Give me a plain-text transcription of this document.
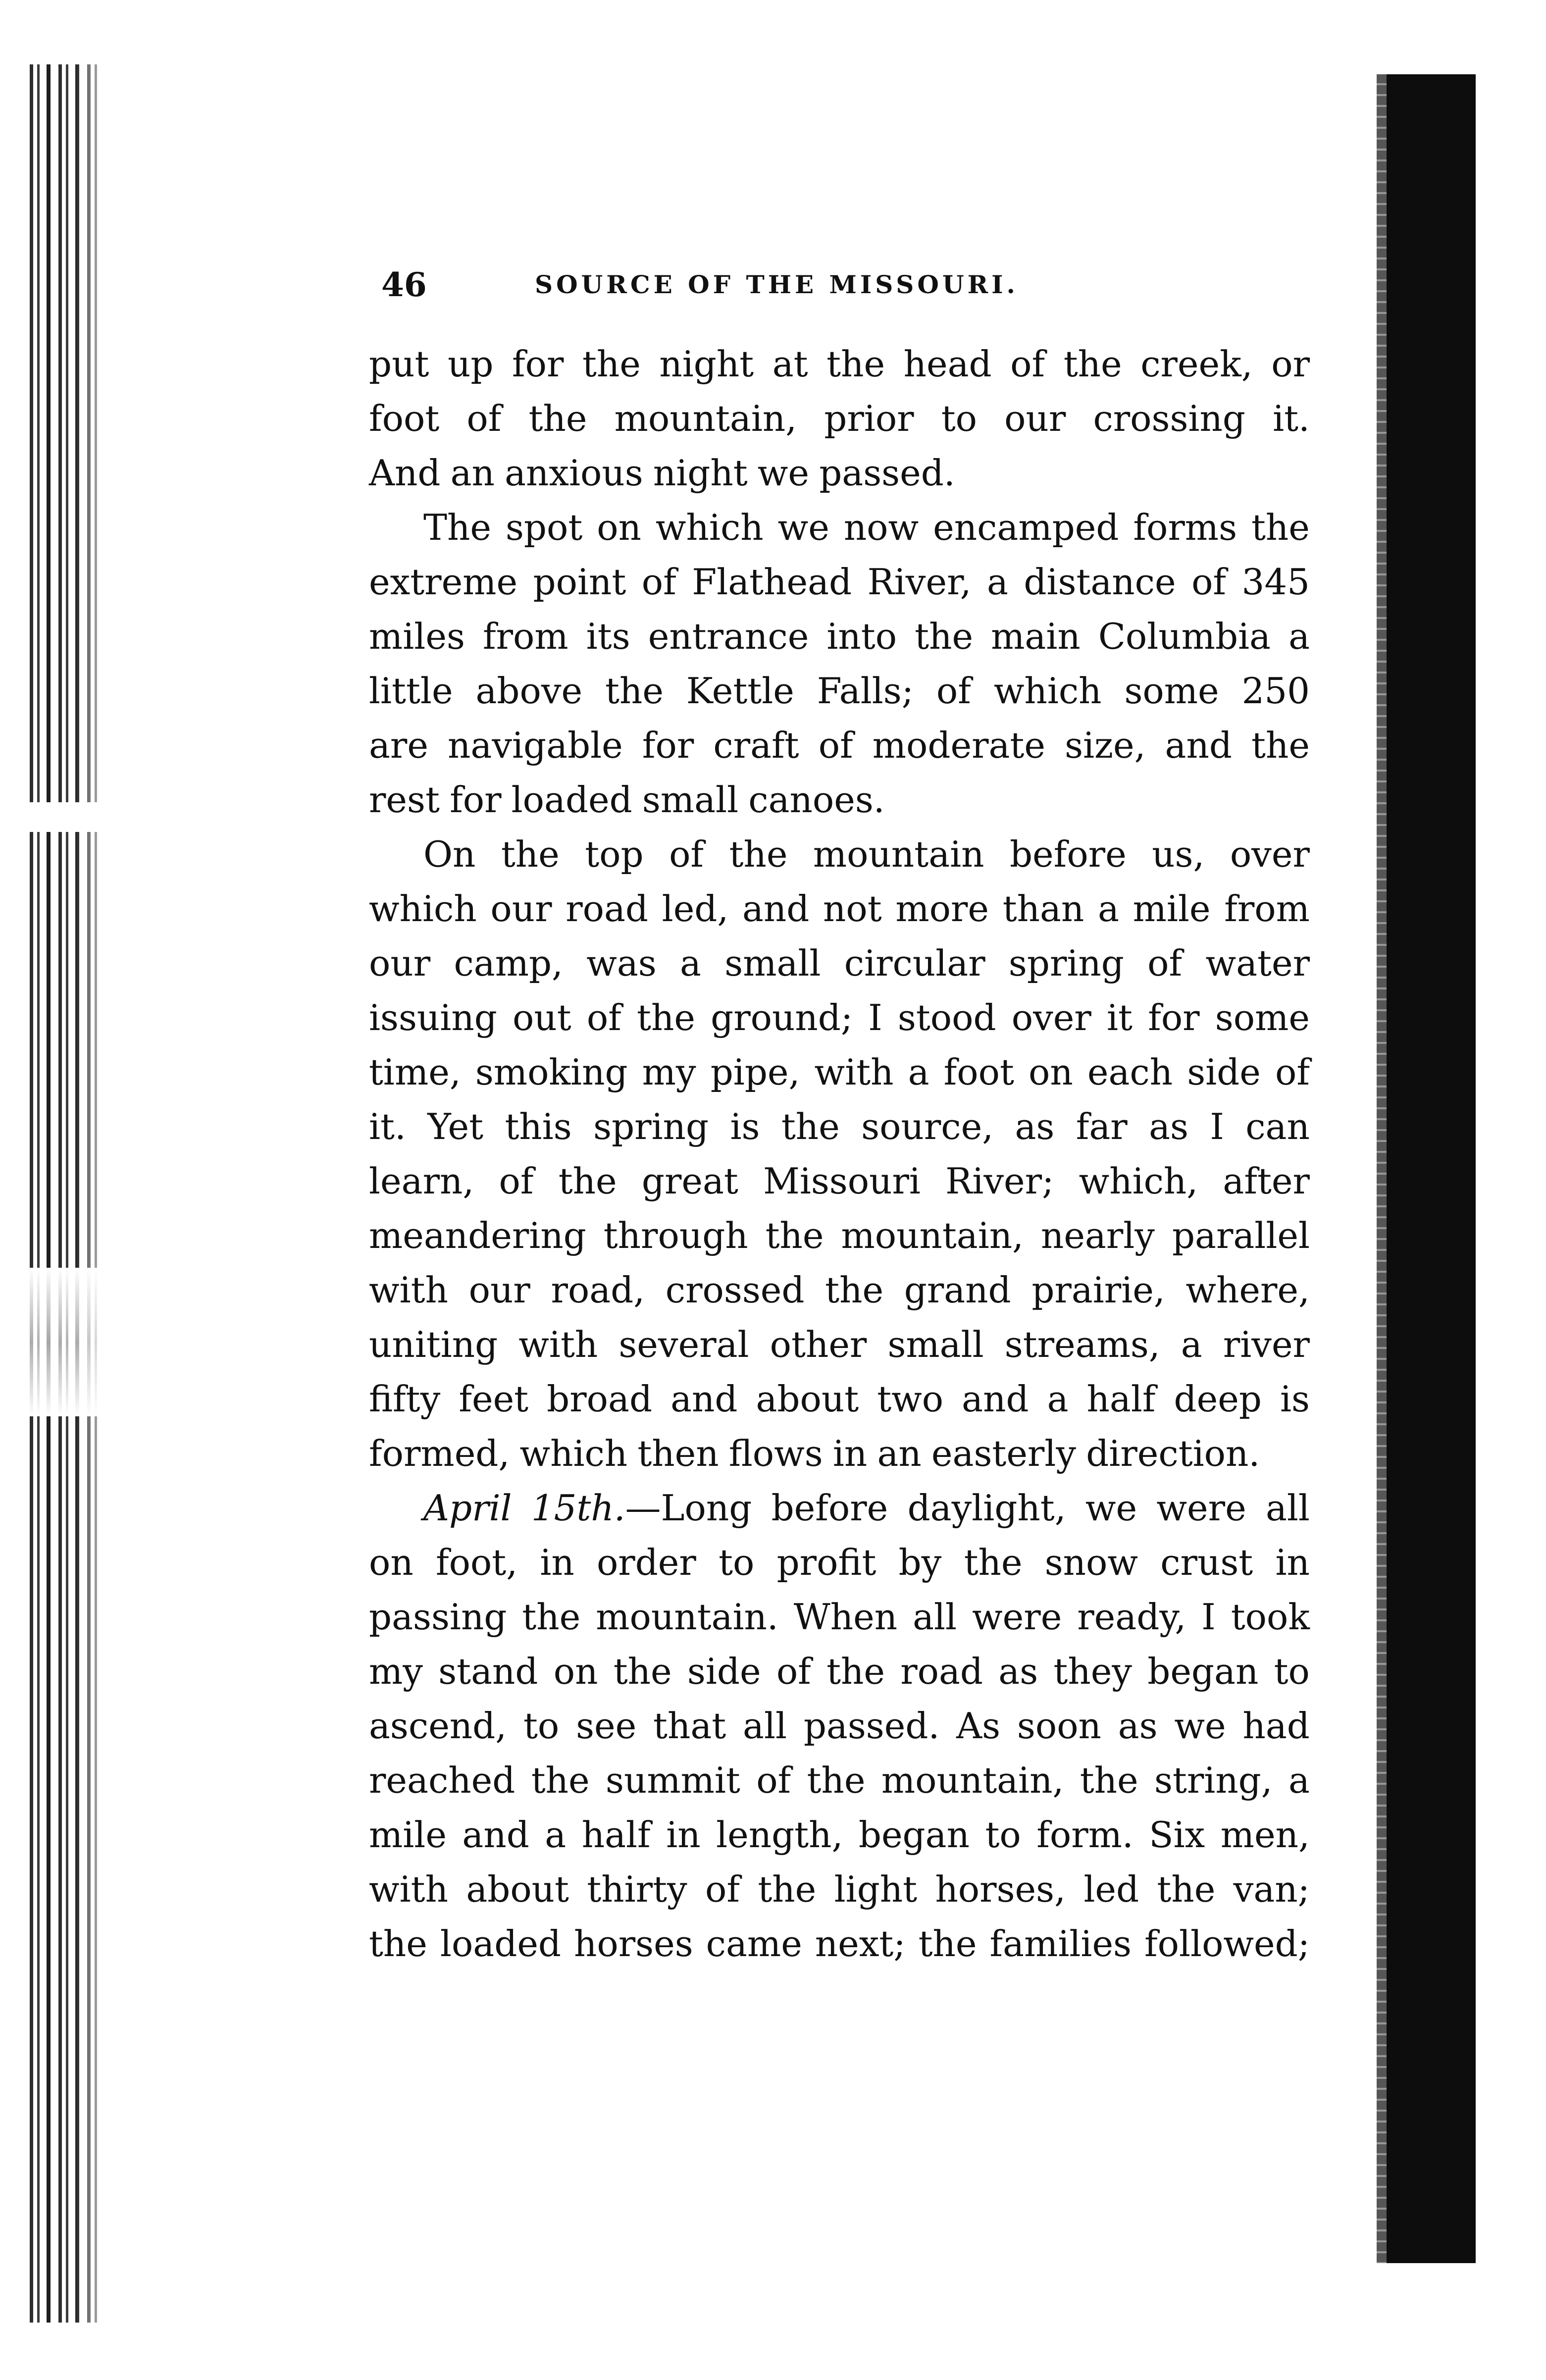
46	SOURCE OF THE MISSOURI.
put up for the night at the head of the creek, or
foot of the mountain, prior to our crossing it.
And an anxious night we passed.
The spot on which we now encamped forms the
extreme point of Flathead River, a distance of 345
miles from its entrance into the main Columbia a
little above the Kettle Falls; of which some 250
are navigable for craft of moderate size, and the
rest for loaded small canoes.
On the top of the mountain before us, over
which our road led, and not more than a mile from
our camp, was a small circular spring of water
issuing out of the ground; I stood over it for some
time, smoking my pipe, with a foot on each side of
it. Yet this spring is the source, as far as I can
learn, of the great Missouri River; which, after
meandering through the mountain, nearly parallel
with our road, crossed the grand prairie, where,
uniting with several other small streams, a river
fifty feet broad and about two and a half deep is
formed, which then flows in an easterly direction.
April 15th.—Long before daylight, we were all
on foot, in order to profit by the snow crust in
passing the mountain. When all were ready, I took
my stand on the side of the road as they began to
ascend, to see that all passed. As soon as we had
reached the summit of the mountain, the string, a
mile and a half in length, began to form. Six men,
with about thirty of the light horses, led the van;
the loaded horses came next; the families followed;
